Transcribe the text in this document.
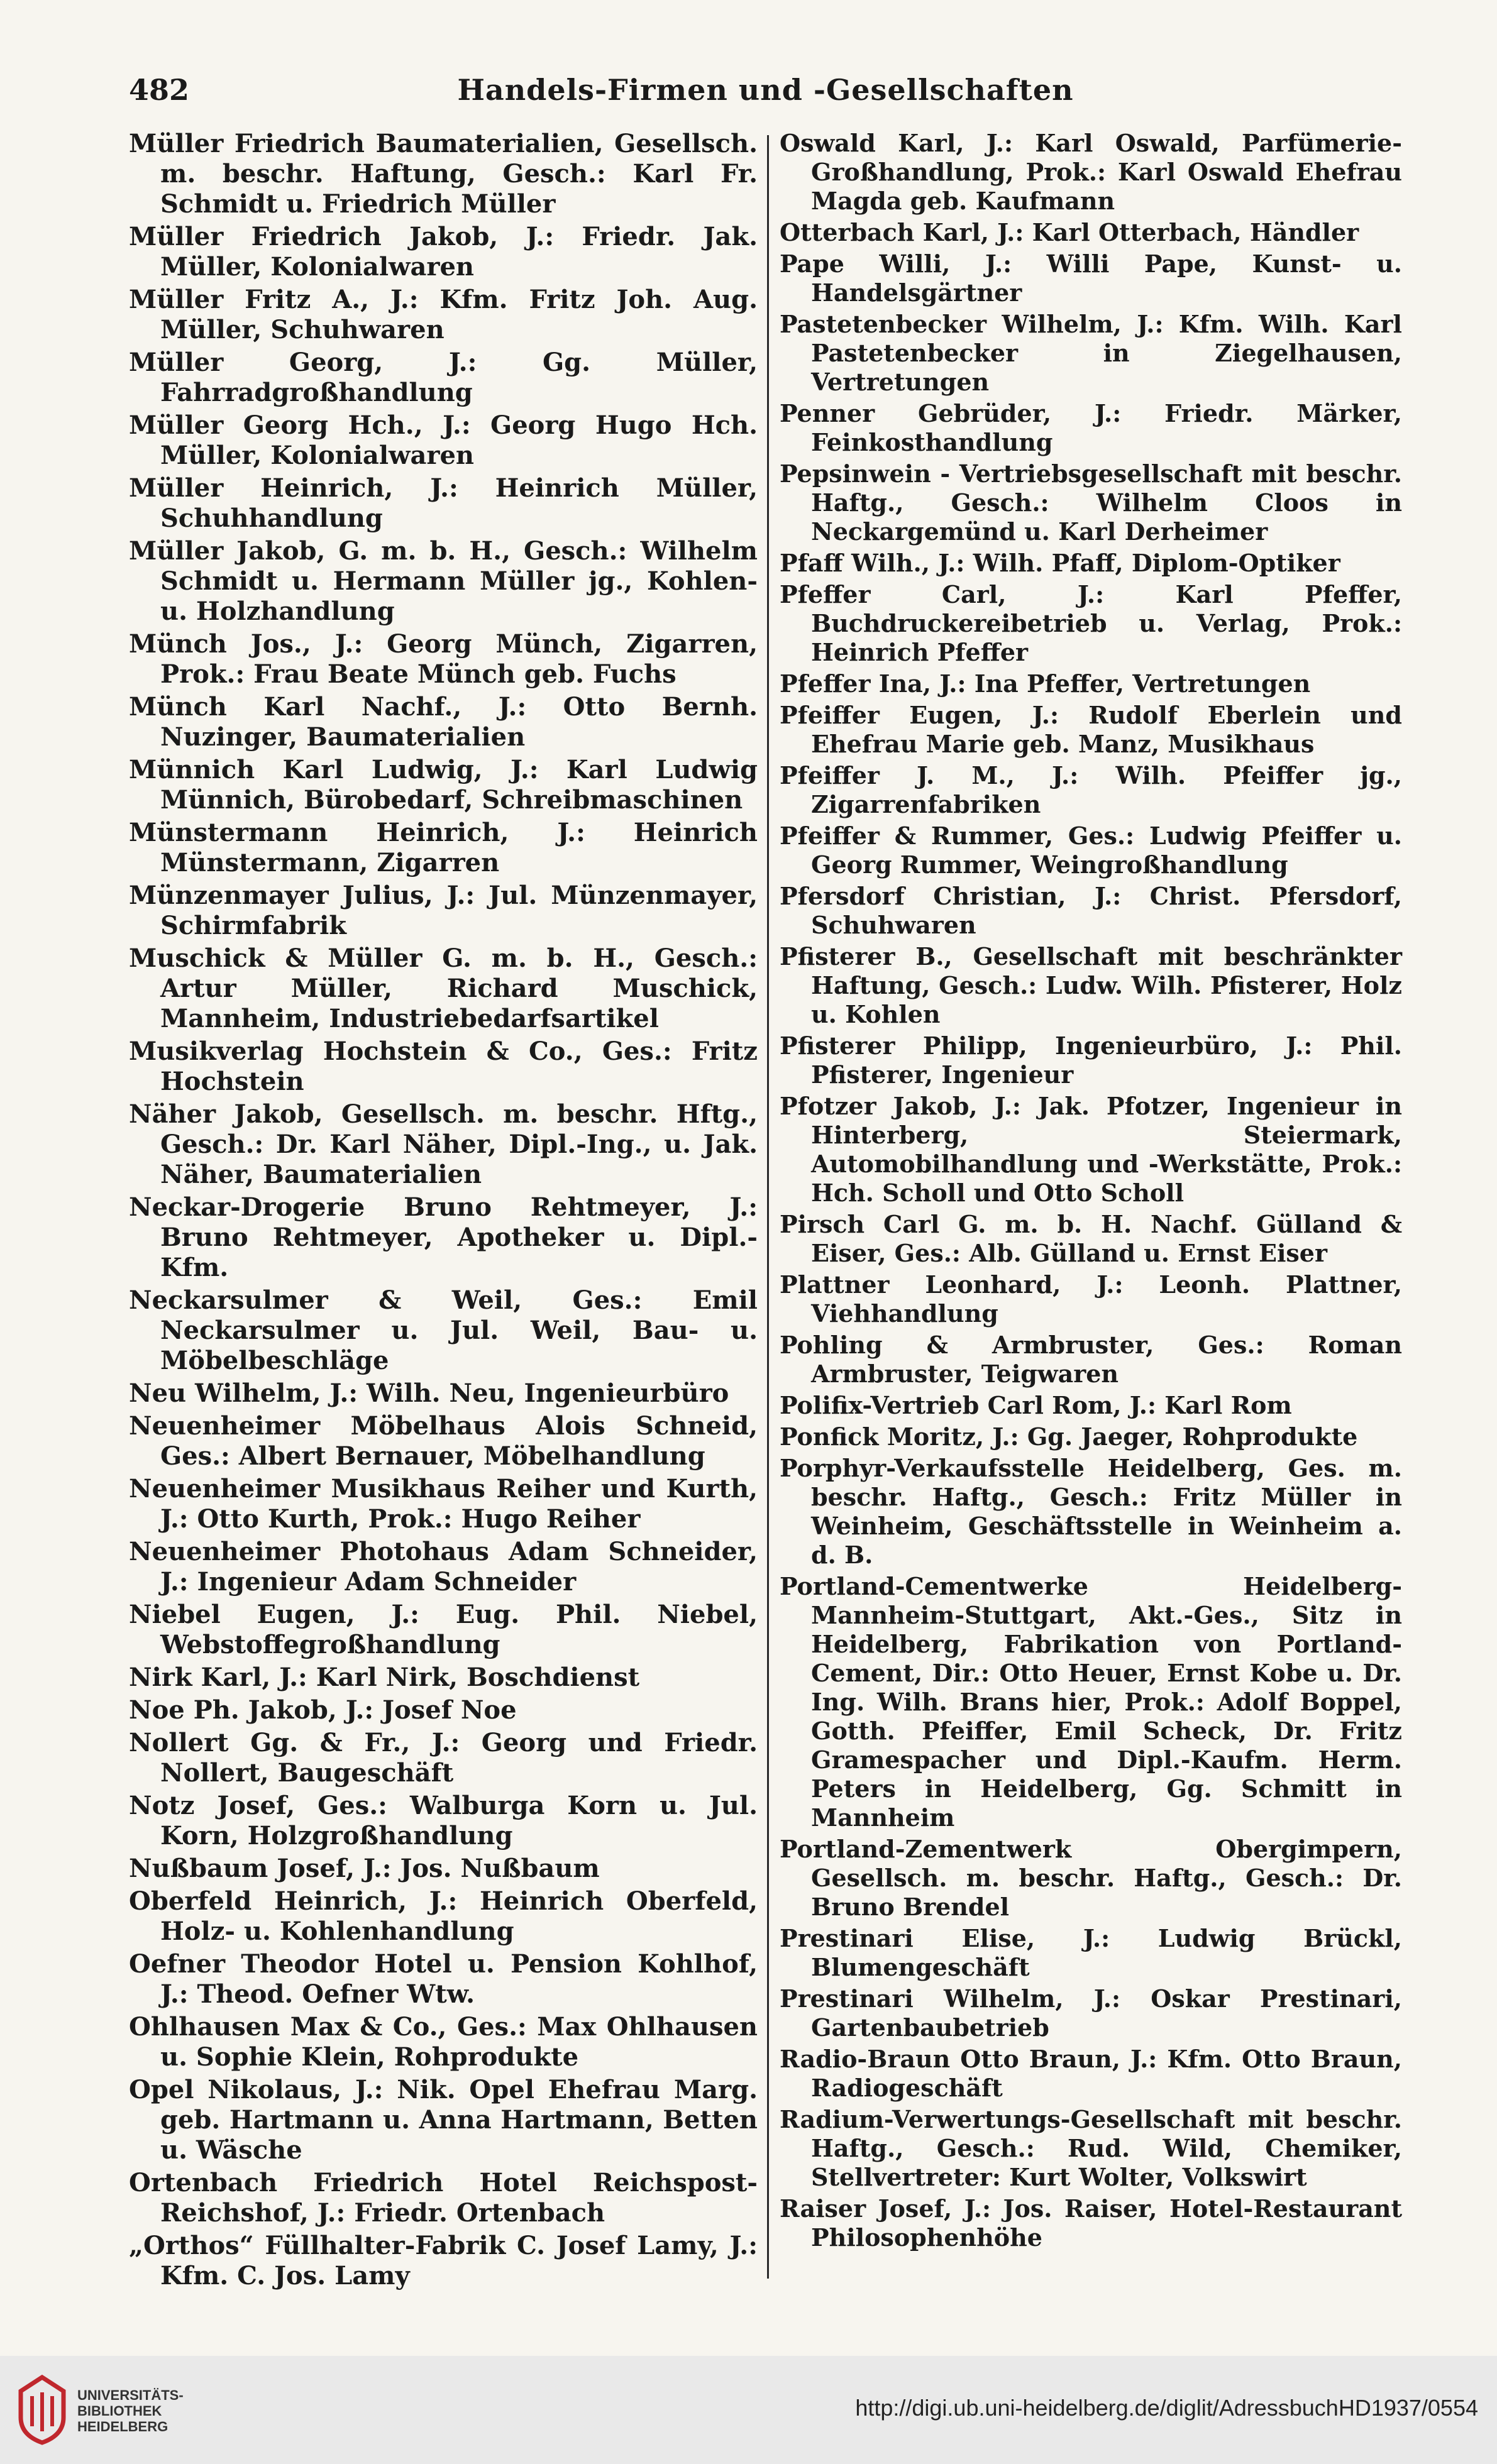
482	Handels-Firmen und -Gesellschaften
Müller Friedrich Baumaterialien, Gesellsch. m. beschr. Haftung, Gesch.: Karl Fr. Schmidt u. Friedrich Müller
Müller Friedrich Jakob, J.: Friedr. Jak. Müller, Kolonialwaren
Müller Fritz A., J.: Kfm. Fritz Joh. Aug. Müller, Schuhwaren
Müller Georg, J.: Gg. Müller, Fahrradgroßhandlung
Müller Georg Hch., J.: Georg Hugo Hch. Müller, Kolonialwaren
Müller Heinrich, J.: Heinrich Müller, Schuhhandlung
Müller Jakob, G. m. b. H., Gesch.: Wilhelm Schmidt u. Hermann Müller jg., Kohlen- u. Holzhandlung
Münch Jos., J.: Georg Münch, Zigarren, Prok.: Frau Beate Münch geb. Fuchs
Münch Karl Nachf., J.: Otto Bernh. Nuzinger, Baumaterialien
Münnich Karl Ludwig, J.: Karl Ludwig Münnich, Bürobedarf, Schreibmaschinen
Münstermann Heinrich, J.: Heinrich Münstermann, Zigarren
Münzenmayer Julius, J.: Jul. Münzenmayer, Schirmfabrik
Muschick & Müller G. m. b. H., Gesch.: Artur Müller, Richard Muschick, Mannheim, Industriebedarfsartikel
Musikverlag Hochstein & Co., Ges.: Fritz Hochstein
Näher Jakob, Gesellsch. m. beschr. Hftg., Gesch.: Dr. Karl Näher, Dipl.-Ing., u. Jak. Näher, Baumaterialien
Neckar-Drogerie Bruno Rehtmeyer, J.: Bruno Rehtmeyer, Apotheker u. Dipl.-Kfm.
Neckarsulmer & Weil, Ges.: Emil Neckarsulmer u. Jul. Weil, Bau- u. Möbelbeschläge
Neu Wilhelm, J.: Wilh. Neu, Ingenieurbüro
Neuenheimer Möbelhaus Alois Schneid, Ges.: Albert Bernauer, Möbelhandlung
Neuenheimer Musikhaus Reiher und Kurth, J.: Otto Kurth, Prok.: Hugo Reiher
Neuenheimer Photohaus Adam Schneider, J.: Ingenieur Adam Schneider
Niebel Eugen, J.: Eug. Phil. Niebel, Webstoffegroßhandlung
Nirk Karl, J.: Karl Nirk, Boschdienst
Noe Ph. Jakob, J.: Josef Noe
Nollert Gg. & Fr., J.: Georg und Friedr. Nollert, Baugeschäft
Notz Josef, Ges.: Walburga Korn u. Jul. Korn, Holzgroßhandlung
Nußbaum Josef, J.: Jos. Nußbaum
Oberfeld Heinrich, J.: Heinrich Oberfeld, Holz- u. Kohlenhandlung
Oefner Theodor Hotel u. Pension Kohlhof, J.: Theod. Oefner Wtw.
Ohlhausen Max & Co., Ges.: Max Ohlhausen u. Sophie Klein, Rohprodukte
Opel Nikolaus, J.: Nik. Opel Ehefrau Marg. geb. Hartmann u. Anna Hartmann, Betten u. Wäsche
Ortenbach Friedrich Hotel Reichspost-Reichshof, J.: Friedr. Ortenbach
„Orthos“ Füllhalter-Fabrik C. Josef Lamy, J.: Kfm. C. Jos. Lamy
Oswald Karl, J.: Karl Oswald, Parfümerie-Großhandlung, Prok.: Karl Oswald Ehefrau Magda geb. Kaufmann
Otterbach Karl, J.: Karl Otterbach, Händler
Pape Willi, J.: Willi Pape, Kunst- u. Handelsgärtner
Pastetenbecker Wilhelm, J.: Kfm. Wilh. Karl Pastetenbecker in Ziegelhausen, Vertretungen
Penner Gebrüder, J.: Friedr. Märker, Feinkosthandlung
Pepsinwein - Vertriebsgesellschaft mit beschr. Haftg., Gesch.: Wilhelm Cloos in Neckargemünd u. Karl Derheimer
Pfaff Wilh., J.: Wilh. Pfaff, Diplom-Optiker
Pfeffer Carl, J.: Karl Pfeffer, Buchdruckereibetrieb u. Verlag, Prok.: Heinrich Pfeffer
Pfeffer Ina, J.: Ina Pfeffer, Vertretungen
Pfeiffer Eugen, J.: Rudolf Eberlein und Ehefrau Marie geb. Manz, Musikhaus
Pfeiffer J. M., J.: Wilh. Pfeiffer jg., Zigarrenfabriken
Pfeiffer & Rummer, Ges.: Ludwig Pfeiffer u. Georg Rummer, Weingroßhandlung
Pfersdorf Christian, J.: Christ. Pfersdorf, Schuhwaren
Pfisterer B., Gesellschaft mit beschränkter Haftung, Gesch.: Ludw. Wilh. Pfisterer, Holz u. Kohlen
Pfisterer Philipp, Ingenieurbüro, J.: Phil. Pfisterer, Ingenieur
Pfotzer Jakob, J.: Jak. Pfotzer, Ingenieur in Hinterberg, Steiermark, Automobilhandlung und -Werkstätte, Prok.: Hch. Scholl und Otto Scholl
Pirsch Carl G. m. b. H. Nachf. Gülland & Eiser, Ges.: Alb. Gülland u. Ernst Eiser
Plattner Leonhard, J.: Leonh. Plattner, Viehhandlung
Pohling & Armbruster, Ges.: Roman Armbruster, Teigwaren
Polifix-Vertrieb Carl Rom, J.: Karl Rom
Ponfick Moritz, J.: Gg. Jaeger, Rohprodukte
Porphyr-Verkaufsstelle Heidelberg, Ges. m. beschr. Haftg., Gesch.: Fritz Müller in Weinheim, Geschäftsstelle in Weinheim a. d. B.
Portland-Cementwerke Heidelberg-Mannheim-Stuttgart, Akt.-Ges., Sitz in Heidelberg, Fabrikation von Portland-Cement, Dir.: Otto Heuer, Ernst Kobe u. Dr. Ing. Wilh. Brans hier, Prok.: Adolf Boppel, Gotth. Pfeiffer, Emil Scheck, Dr. Fritz Gramespacher und Dipl.-Kaufm. Herm. Peters in Heidelberg, Gg. Schmitt in Mannheim
Portland-Zementwerk Obergimpern, Gesellsch. m. beschr. Haftg., Gesch.: Dr. Bruno Brendel
Prestinari Elise, J.: Ludwig Brückl, Blumengeschäft
Prestinari Wilhelm, J.: Oskar Prestinari, Gartenbaubetrieb
Radio-Braun Otto Braun, J.: Kfm. Otto Braun, Radiogeschäft
Radium-Verwertungs-Gesellschaft mit beschr. Haftg., Gesch.: Rud. Wild, Chemiker, Stellvertreter: Kurt Wolter, Volkswirt
Raiser Josef, J.: Jos. Raiser, Hotel-Restaurant Philosophenhöhe
UNIVERSITÄTS-
BIBLIOTHEK
HEIDELBERG
http://digi.ub.uni-heidelberg.de/diglit/AdressbuchHD1937/0554
